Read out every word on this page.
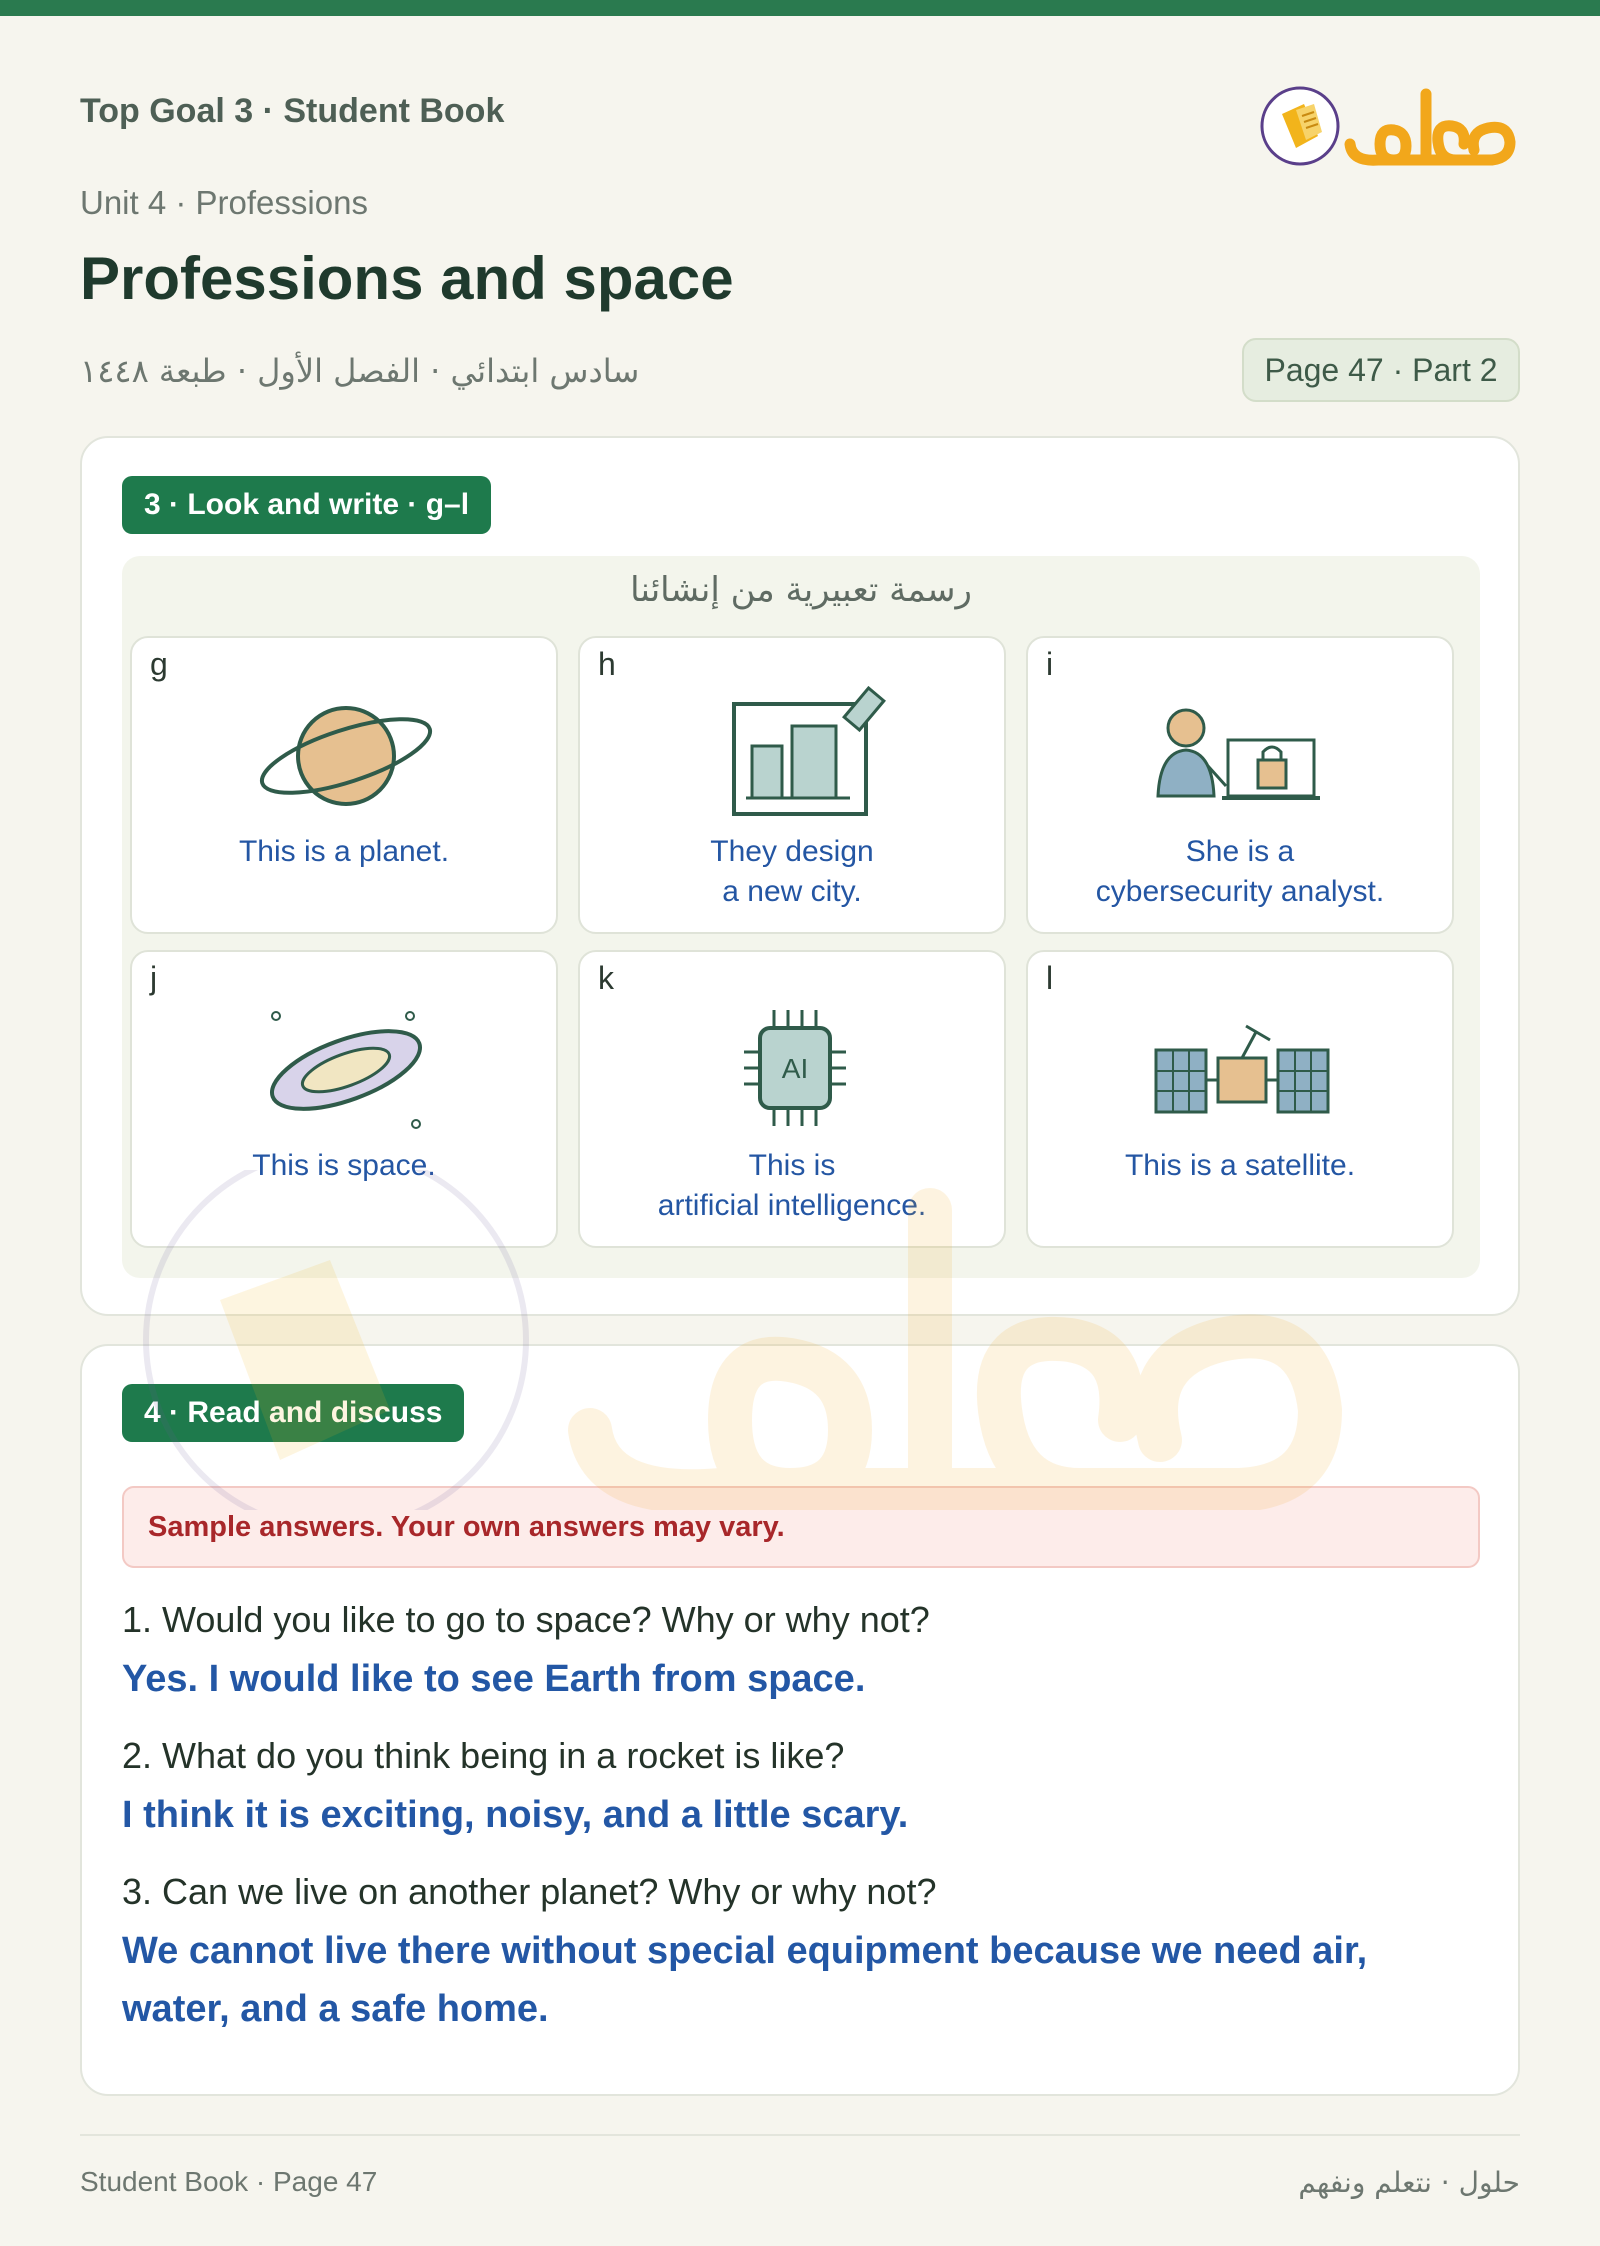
Top Goal 3 · Student Book
Unit 4 · Professions
Professions and space
سادس ابتدائي · الفصل الأول · طبعة ١٤٤٨	Page 47 · Part 2
3 · Look and write · g–l
رسمة تعبيرية من إنشائنا
g
This is a planet.
h
They design
a new city.
i
She is a
cybersecurity analyst.
j
This is space.
k
AI
This is
artificial intelligence.
l
This is a satellite.
4 · Read and discuss
Sample answers. Your own answers may vary.
1. Would you like to go to space? Why or why not?
Yes. I would like to see Earth from space.
2. What do you think being in a rocket is like?
I think it is exciting, noisy, and a little scary.
3. Can we live on another planet? Why or why not?
We cannot live there without special equipment because we need air, water, and a safe home.
Student Book · Page 47	حلول · نتعلم ونفهم
